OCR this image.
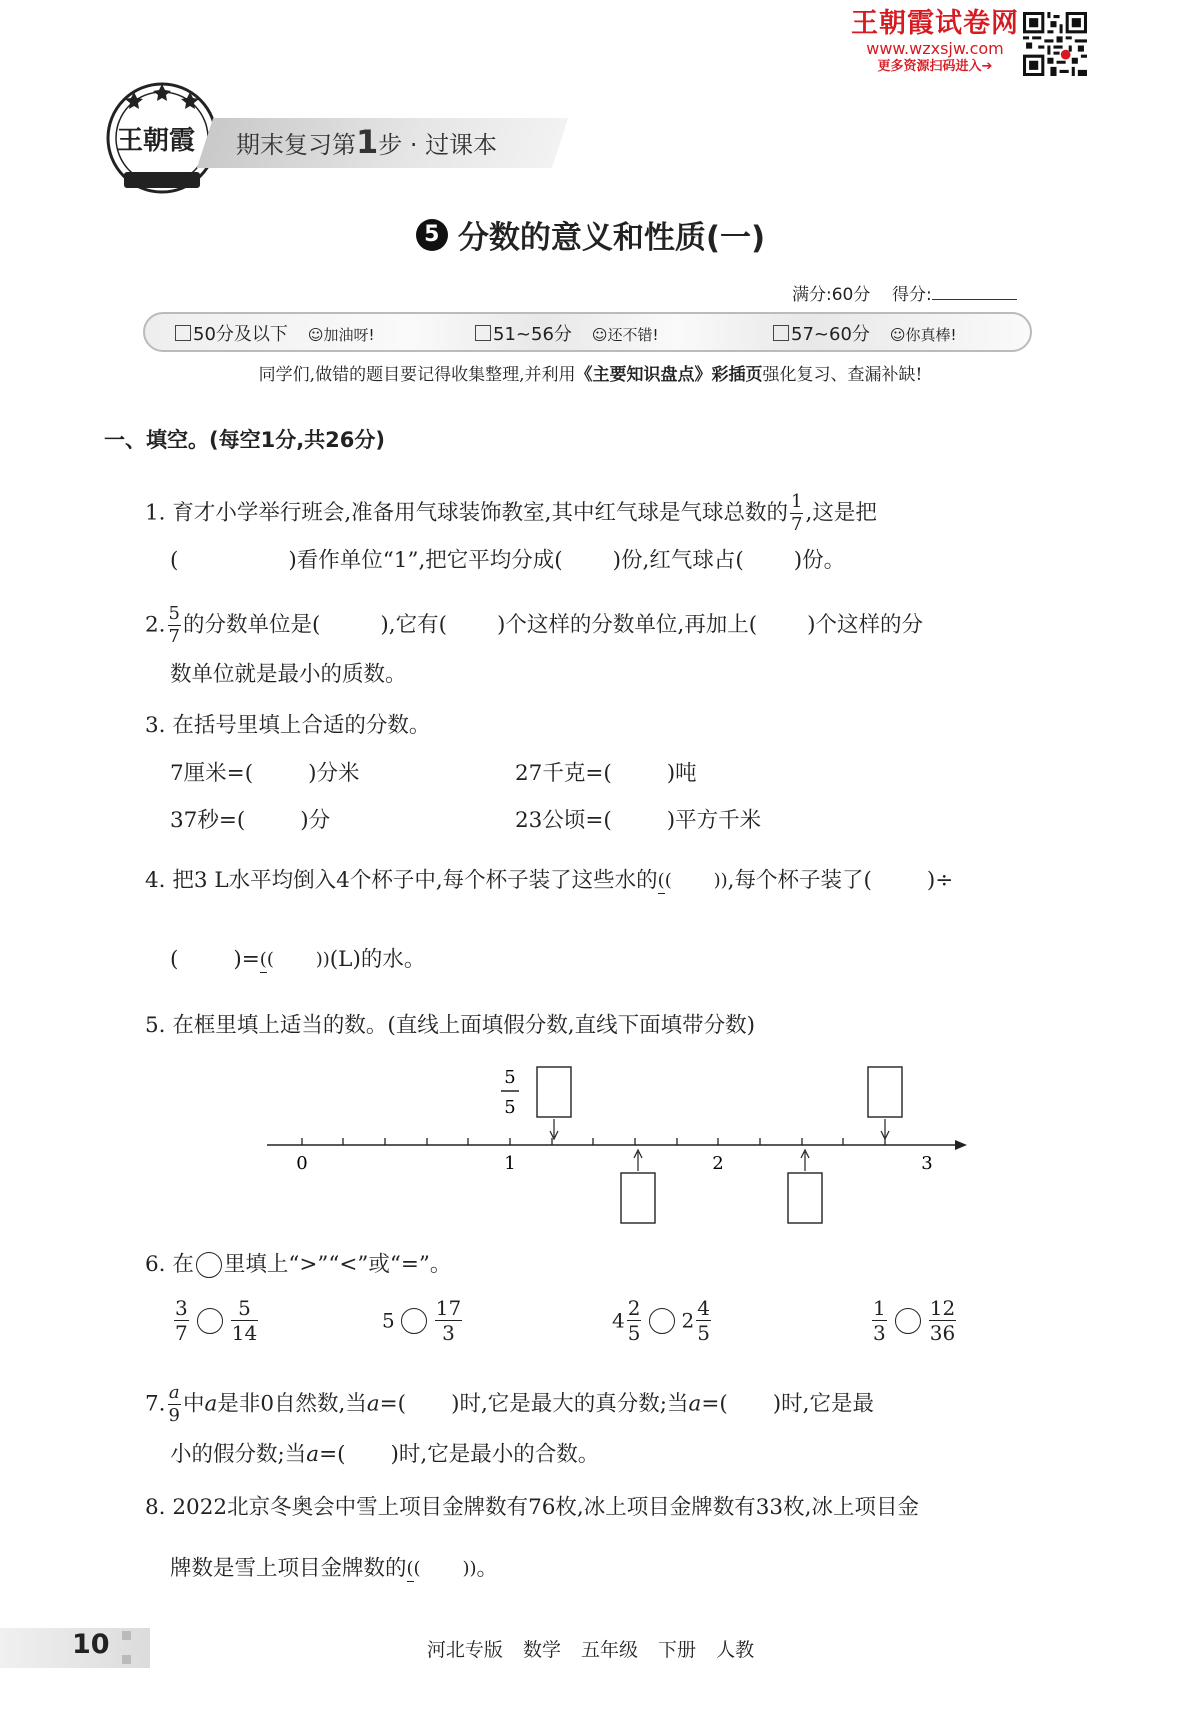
王朝霞试卷网
www.wzxsjw.com
更多资源扫码进入➔
王朝霞 期末复习第1步 · 过课本
5 分数的意义和性质(一)
满分:60分 得分:
50分及以下 ☺加油呀!	51~56分 ☺还不错!	57~60分 ☺你真棒!
同学们,做错的题目要记得收集整理,并利用《主要知识盘点》彩插页强化复习、查漏补缺!
一、填空。(每空1分,共26分)
1. 育才小学举行班会,准备用气球装饰教室,其中红气球是气球总数的 $\frac{1}{7}$ ,这是把
(	)看作单位“1”,把它平均分成( )份,红气球占( )份。
2. $\frac{5}{7}$ 的分数单位是(	),它有( )个这样的分数单位,再加上( )个这样的分
数单位就是最小的质数。
3. 在括号里填上合适的分数。
7厘米=(	)分米	27千克=(	)吨
37秒=(	)分	23公顷=(	)平方千米
4. 把3 L水平均倒入4个杯子中,每个杯子装了这些水的(	)
( ) ,每个杯子装了(	)÷
(	)=(	)
( ) (L)的水。
5. 在框里填上适当的数。(直线上面填假分数,直线下面填带分数)
0	1	2	3
5
5
6. 在 里填上“>”“<”或“=”。
$\frac{3}{7} \frac{5}{14}$	$5 \frac{17}{3}$	$4 \frac{2}{5} 2 \frac{4}{5}$	$\frac{1}{3} \frac{12}{36}$
7. $\frac{a}{9}$ 中a是非0自然数,当a=( )时,它是最大的真分数;当a=( )时,它是最
小的假分数;当a=( )时,它是最小的合数。
8. 2022北京冬奥会中雪上项目金牌数有76枚,冰上项目金牌数有33枚,冰上项目金
牌数是雪上项目金牌数的(	)
( ) 。
10	河北专版 数学 五年级 下册 人教
